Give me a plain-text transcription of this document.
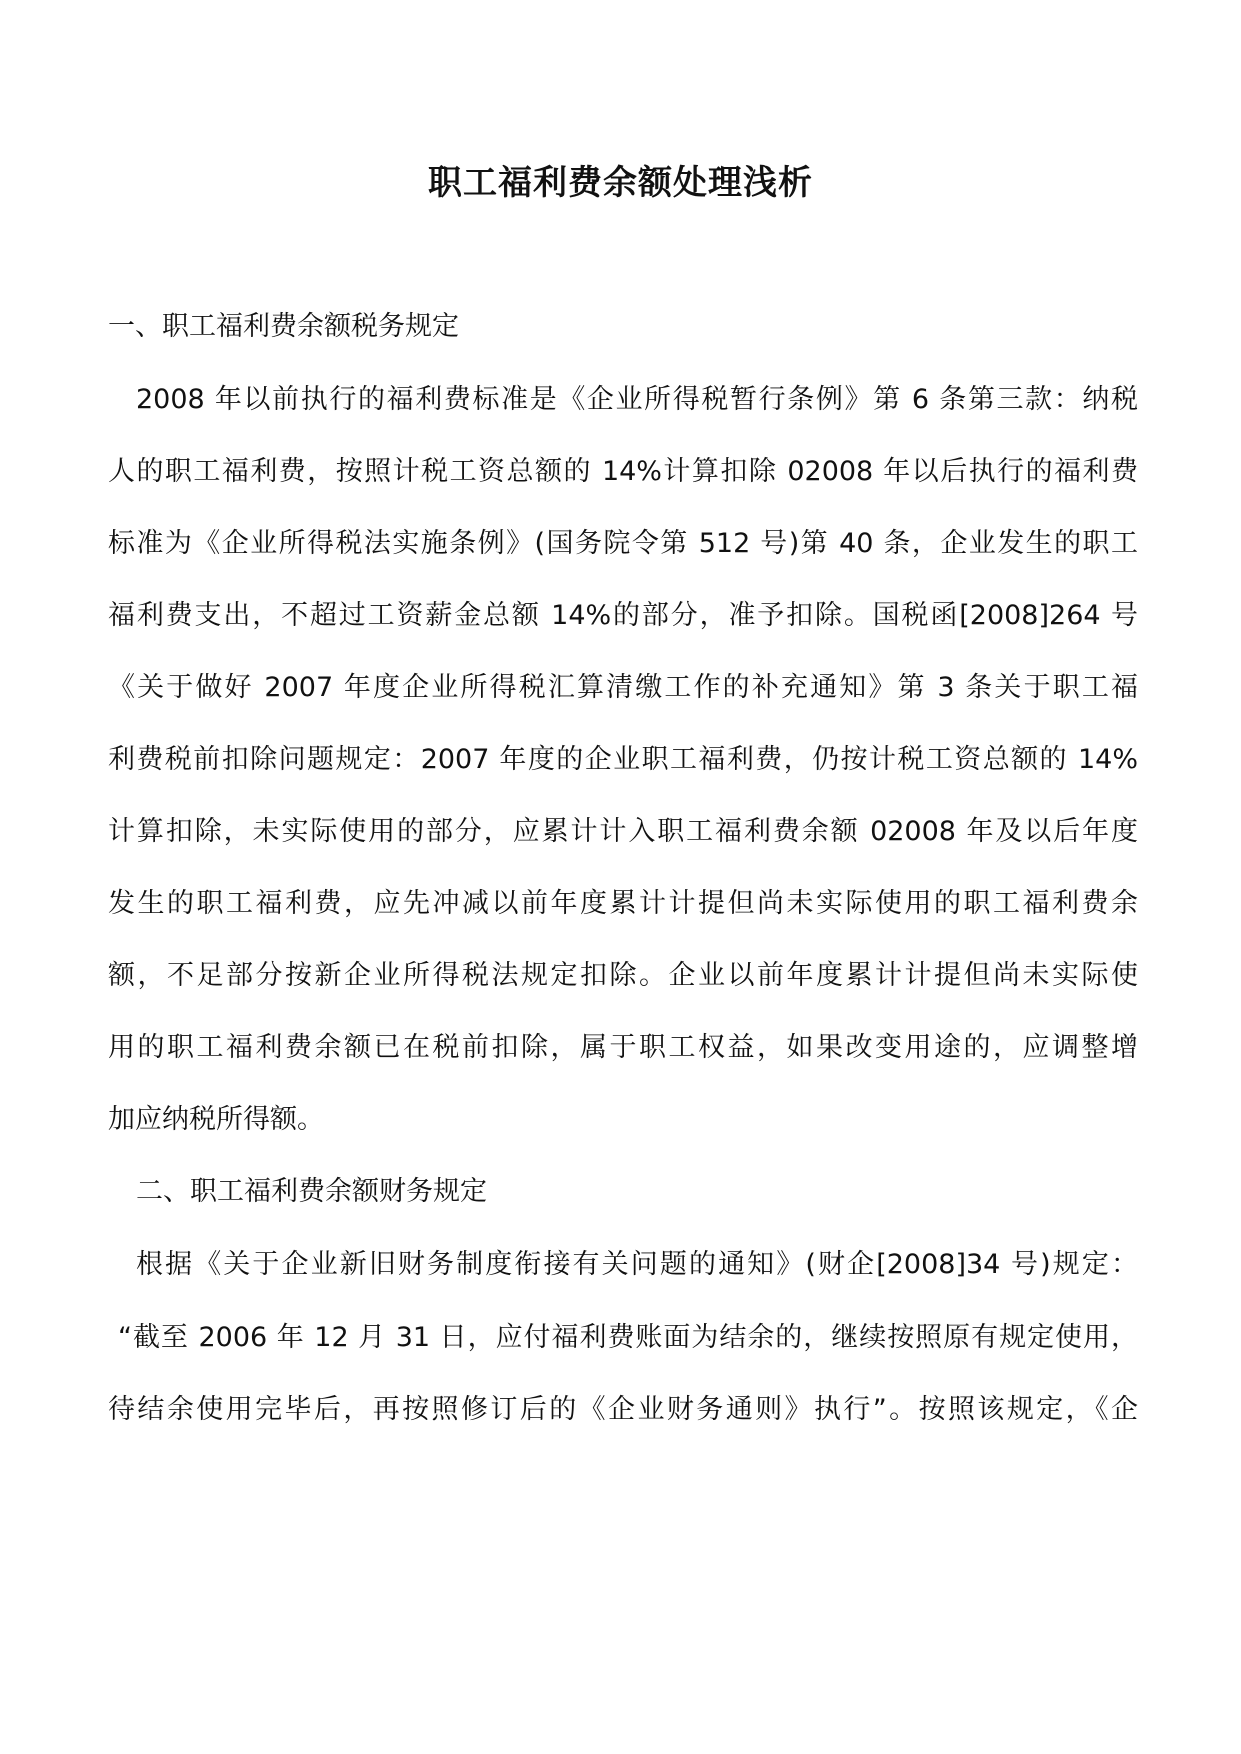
职工福利费余额处理浅析
一、职工福利费余额税务规定
2008 年以前执行的福利费标准是《企业所得税暂行条例》第 6 条第三款：纳税
人的职工福利费，按照计税工资总额的 14%计算扣除 02008 年以后执行的福利费
标准为《企业所得税法实施条例》(国务院令第 512 号)第 40 条，企业发生的职工
福利费支出，不超过工资薪金总额 14%的部分，准予扣除。国税函[2008]264 号
《关于做好 2007 年度企业所得税汇算清缴工作的补充通知》第 3 条关于职工福
利费税前扣除问题规定：2007 年度的企业职工福利费，仍按计税工资总额的 14%
计算扣除，未实际使用的部分，应累计计入职工福利费余额 02008 年及以后年度
发生的职工福利费，应先冲减以前年度累计计提但尚未实际使用的职工福利费余
额，不足部分按新企业所得税法规定扣除。企业以前年度累计计提但尚未实际使
用的职工福利费余额已在税前扣除，属于职工权益，如果改变用途的，应调整增
加应纳税所得额。
二、职工福利费余额财务规定
根据《关于企业新旧财务制度衔接有关问题的通知》(财企[2008]34 号)规定：
“截至 2006 年 12 月 31 日，应付福利费账面为结余的，继续按照原有规定使用，
待结余使用完毕后，再按照修订后的《企业财务通则》执行”。按照该规定，《企
